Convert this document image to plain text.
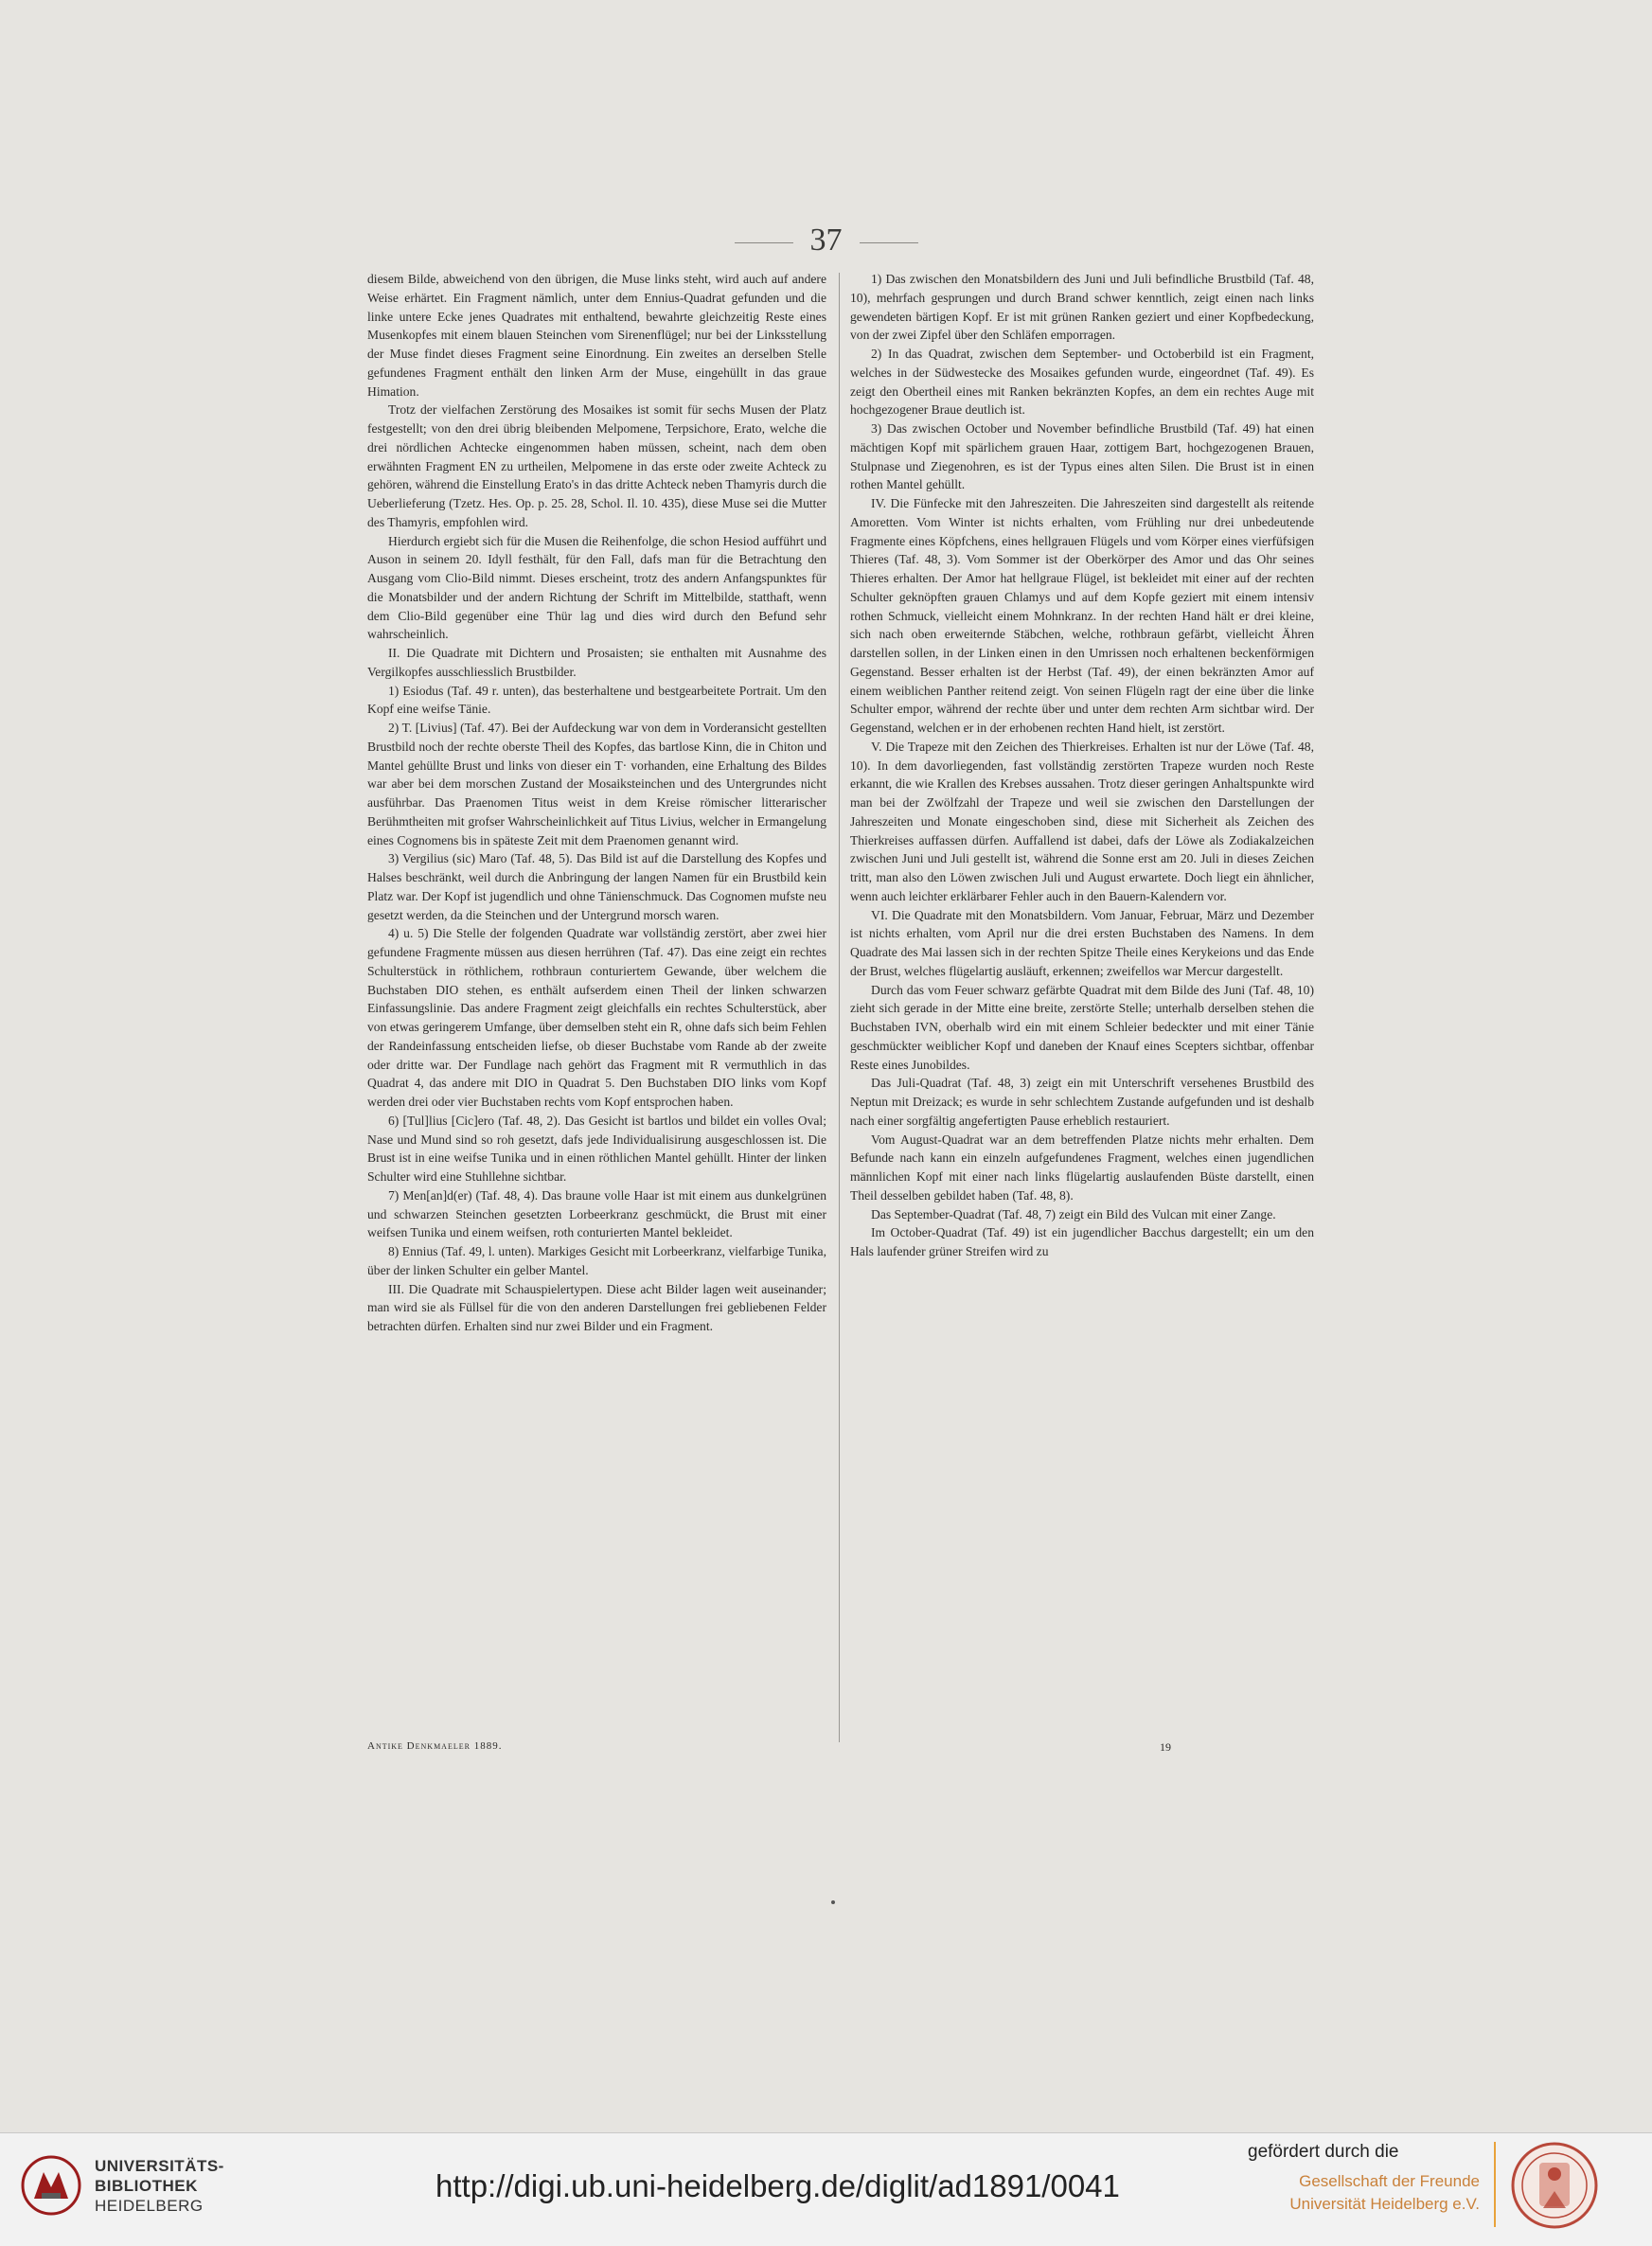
37

diesem Bilde, abweichend von den übrigen, die Muse links steht, wird auch auf andere Weise erhärtet. Ein Fragment nämlich, unter dem Ennius-Quadrat gefunden und die linke untere Ecke jenes Quadrates mit enthaltend, bewahrte gleichzeitig Reste eines Musenkopfes mit einem blauen Steinchen vom Sirenenflügel; nur bei der Linksstellung der Muse findet dieses Fragment seine Einordnung. Ein zweites an derselben Stelle gefundenes Fragment enthält den linken Arm der Muse, eingehüllt in das graue Himation.

Trotz der vielfachen Zerstörung des Mosaikes ist somit für sechs Musen der Platz festgestellt; von den drei übrig bleibenden Melpomene, Terpsichore, Erato, welche die drei nördlichen Achtecke eingenommen haben müssen, scheint, nach dem oben erwähnten Fragment EN zu urtheilen, Melpomene in das erste oder zweite Achteck zu gehören, während die Einstellung Erato's in das dritte Achteck neben Thamyris durch die Ueberlieferung (Tzetz. Hes. Op. p. 25. 28, Schol. Il. 10. 435), diese Muse sei die Mutter des Thamyris, empfohlen wird.

Hierdurch ergiebt sich für die Musen die Reihenfolge, die schon Hesiod aufführt und Auson in seinem 20. Idyll festhält, für den Fall, dafs man für die Betrachtung den Ausgang vom Clio-Bild nimmt. Dieses erscheint, trotz des andern Anfangspunktes für die Monatsbilder und der andern Richtung der Schrift im Mittelbilde, statthaft, wenn dem Clio-Bild gegenüber eine Thür lag und dies wird durch den Befund sehr wahrscheinlich.

II. Die Quadrate mit Dichtern und Prosaisten; sie enthalten mit Ausnahme des Vergilkopfes ausschliesslich Brustbilder.

1) Esiodus (Taf. 49 r. unten), das besterhaltene und bestgearbeitete Portrait. Um den Kopf eine weifse Tänie.

2) T. [Livius] (Taf. 47). Bei der Aufdeckung war von dem in Vorderansicht gestellten Brustbild noch der rechte oberste Theil des Kopfes, das bartlose Kinn, die in Chiton und Mantel gehüllte Brust und links von dieser ein T· vorhanden, eine Erhaltung des Bildes war aber bei dem morschen Zustand der Mosaiksteinchen und des Untergrundes nicht ausführbar. Das Praenomen Titus weist in dem Kreise römischer litterarischer Berühmtheiten mit grofser Wahrscheinlichkeit auf Titus Livius, welcher in Ermangelung eines Cognomens bis in späteste Zeit mit dem Praenomen genannt wird.

3) Vergilius (sic) Maro (Taf. 48, 5). Das Bild ist auf die Darstellung des Kopfes und Halses beschränkt, weil durch die Anbringung der langen Namen für ein Brustbild kein Platz war. Der Kopf ist jugendlich und ohne Tänienschmuck. Das Cognomen mufste neu gesetzt werden, da die Steinchen und der Untergrund morsch waren.

4) u. 5) Die Stelle der folgenden Quadrate war vollständig zerstört, aber zwei hier gefundene Fragmente müssen aus diesen herrühren (Taf. 47). Das eine zeigt ein rechtes Schulterstück in röthlichem, rothbraun conturiertem Gewande, über welchem die Buchstaben DIO stehen, es enthält aufserdem einen Theil der linken schwarzen Einfassungslinie. Das andere Fragment zeigt gleichfalls ein rechtes Schulterstück, aber von etwas geringerem Umfange, über demselben steht ein R, ohne dafs sich beim Fehlen der Randeinfassung entscheiden liefse, ob dieser Buchstabe vom Rande ab der zweite oder dritte war. Der Fundlage nach gehört das Fragment mit R vermuthlich in das Quadrat 4, das andere mit DIO in Quadrat 5. Den Buchstaben DIO links vom Kopf werden drei oder vier Buchstaben rechts vom Kopf entsprochen haben.

6) [Tul]lius [Cic]ero (Taf. 48, 2). Das Gesicht ist bartlos und bildet ein volles Oval; Nase und Mund sind so roh gesetzt, dafs jede Individualisirung ausgeschlossen ist. Die Brust ist in eine weifse Tunika und in einen röthlichen Mantel gehüllt. Hinter der linken Schulter wird eine Stuhllehne sichtbar.

7) Men[an]d(er) (Taf. 48, 4). Das braune volle Haar ist mit einem aus dunkelgrünen und schwarzen Steinchen gesetzten Lorbeerkranz geschmückt, die Brust mit einer weifsen Tunika und einem weifsen, roth conturierten Mantel bekleidet.

8) Ennius (Taf. 49, l. unten). Markiges Gesicht mit Lorbeerkranz, vielfarbige Tunika, über der linken Schulter ein gelber Mantel.

III. Die Quadrate mit Schauspielertypen. Diese acht Bilder lagen weit auseinander; man wird sie als Füllsel für die von den anderen Darstellungen frei gebliebenen Felder betrachten dürfen. Erhalten sind nur zwei Bilder und ein Fragment.

1) Das zwischen den Monatsbildern des Juni und Juli befindliche Brustbild (Taf. 48, 10), mehrfach gesprungen und durch Brand schwer kenntlich, zeigt einen nach links gewendeten bärtigen Kopf. Er ist mit grünen Ranken geziert und einer Kopfbedeckung, von der zwei Zipfel über den Schläfen emporragen.

2) In das Quadrat, zwischen dem September- und Octoberbild ist ein Fragment, welches in der Südwestecke des Mosaikes gefunden wurde, eingeordnet (Taf. 49). Es zeigt den Obertheil eines mit Ranken bekränzten Kopfes, an dem ein rechtes Auge mit hochgezogener Braue deutlich ist.

3) Das zwischen October und November befindliche Brustbild (Taf. 49) hat einen mächtigen Kopf mit spärlichem grauen Haar, zottigem Bart, hochgezogenen Brauen, Stulpnase und Ziegenohren, es ist der Typus eines alten Silen. Die Brust ist in einen rothen Mantel gehüllt.

IV. Die Fünfecke mit den Jahreszeiten. Die Jahreszeiten sind dargestellt als reitende Amoretten. Vom Winter ist nichts erhalten, vom Frühling nur drei unbedeutende Fragmente eines Köpfchens, eines hellgrauen Flügels und vom Körper eines vierfüfsigen Thieres (Taf. 48, 3). Vom Sommer ist der Oberkörper des Amor und das Ohr seines Thieres erhalten. Der Amor hat hellgraue Flügel, ist bekleidet mit einer auf der rechten Schulter geknöpften grauen Chlamys und auf dem Kopfe geziert mit einem intensiv rothen Schmuck, vielleicht einem Mohnkranz. In der rechten Hand hält er drei kleine, sich nach oben erweiternde Stäbchen, welche, rothbraun gefärbt, vielleicht Ähren darstellen sollen, in der Linken einen in den Umrissen noch erhaltenen beckenförmigen Gegenstand. Besser erhalten ist der Herbst (Taf. 49), der einen bekränzten Amor auf einem weiblichen Panther reitend zeigt. Von seinen Flügeln ragt der eine über die linke Schulter empor, während der rechte über und unter dem rechten Arm sichtbar wird. Der Gegenstand, welchen er in der erhobenen rechten Hand hielt, ist zerstört.

V. Die Trapeze mit den Zeichen des Thierkreises. Erhalten ist nur der Löwe (Taf. 48, 10). In dem davorliegenden, fast vollständig zerstörten Trapeze wurden noch Reste erkannt, die wie Krallen des Krebses aussahen. Trotz dieser geringen Anhaltspunkte wird man bei der Zwölfzahl der Trapeze und weil sie zwischen den Darstellungen der Jahreszeiten und Monate eingeschoben sind, diese mit Sicherheit als Zeichen des Thierkreises auffassen dürfen. Auffallend ist dabei, dafs der Löwe als Zodiakalzeichen zwischen Juni und Juli gestellt ist, während die Sonne erst am 20. Juli in dieses Zeichen tritt, man also den Löwen zwischen Juli und August erwartete. Doch liegt ein ähnlicher, wenn auch leichter erklärbarer Fehler auch in den Bauern-Kalendern vor.

VI. Die Quadrate mit den Monatsbildern. Vom Januar, Februar, März und Dezember ist nichts erhalten, vom April nur die drei ersten Buchstaben des Namens. In dem Quadrate des Mai lassen sich in der rechten Spitze Theile eines Kerykeions und das Ende der Brust, welches flügelartig ausläuft, erkennen; zweifellos war Mercur dargestellt.

Durch das vom Feuer schwarz gefärbte Quadrat mit dem Bilde des Juni (Taf. 48, 10) zieht sich gerade in der Mitte eine breite, zerstörte Stelle; unterhalb derselben stehen die Buchstaben IVN, oberhalb wird ein mit einem Schleier bedeckter und mit einer Tänie geschmückter weiblicher Kopf und daneben der Knauf eines Scepters sichtbar, offenbar Reste eines Junobildes.

Das Juli-Quadrat (Taf. 48, 3) zeigt ein mit Unterschrift versehenes Brustbild des Neptun mit Dreizack; es wurde in sehr schlechtem Zustande aufgefunden und ist deshalb nach einer sorgfältig angefertigten Pause erheblich restauriert.

Vom August-Quadrat war an dem betreffenden Platze nichts mehr erhalten. Dem Befunde nach kann ein einzeln aufgefundenes Fragment, welches einen jugendlichen männlichen Kopf mit einer nach links flügelartig auslaufenden Büste darstellt, einen Theil desselben gebildet haben (Taf. 48, 8).

Das September-Quadrat (Taf. 48, 7) zeigt ein Bild des Vulcan mit einer Zange.

Im October-Quadrat (Taf. 49) ist ein jugendlicher Bacchus dargestellt; ein um den Hals laufender grüner Streifen wird zu

Antike Denkmaeler 1889.	19
UNIVERSITÄTS-
BIBLIOTHEK
HEIDELBERG
http://digi.ub.uni-heidelberg.de/diglit/ad1891/0041
gefördert durch die
Gesellschaft der Freunde
Universität Heidelberg e.V.
